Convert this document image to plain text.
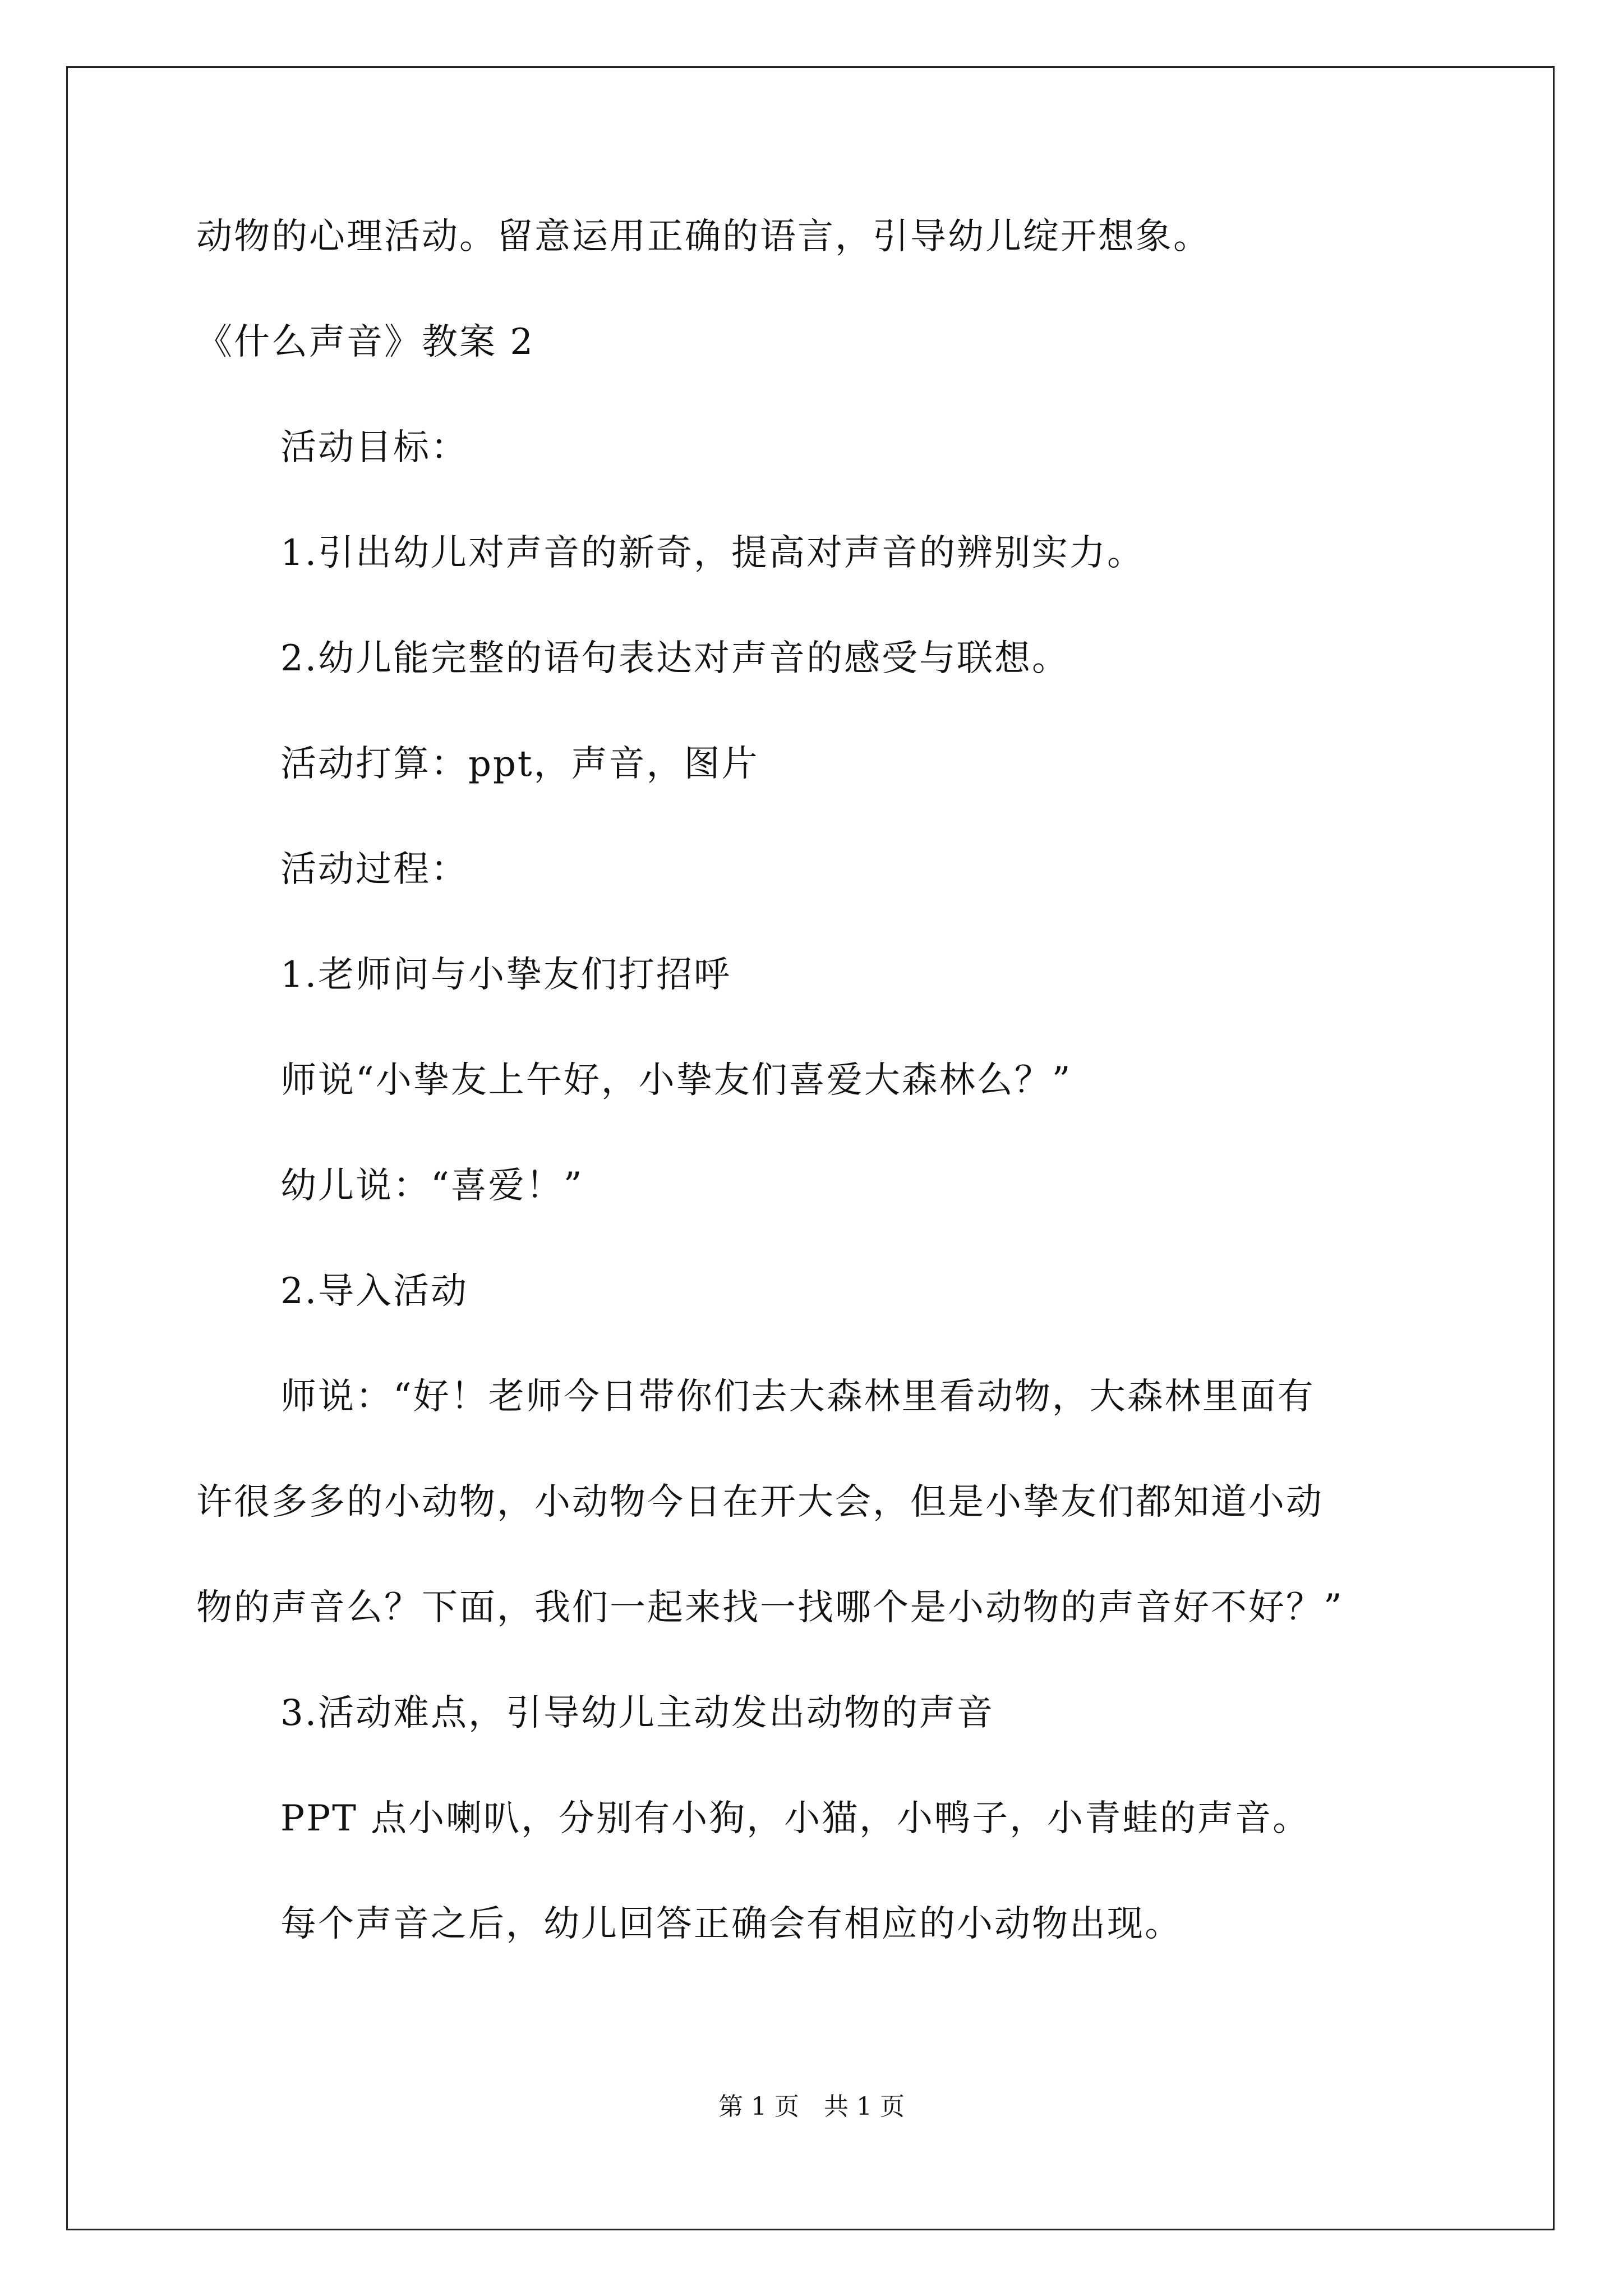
动物的心理活动。留意运用正确的语言，引导幼儿绽开想象。
《什么声音》教案 2
活动目标：
1.引出幼儿对声音的新奇，提高对声音的辨别实力。
2.幼儿能完整的语句表达对声音的感受与联想。
活动打算：ppt，声音，图片
活动过程：
1.老师问与小挚友们打招呼
师说“小挚友上午好，小挚友们喜爱大森林么？”
幼儿说：“喜爱！”
2.导入活动
师说：“好！老师今日带你们去大森林里看动物，大森林里面有
许很多多的小动物，小动物今日在开大会，但是小挚友们都知道小动
物的声音么？下面，我们一起来找一找哪个是小动物的声音好不好？”
3.活动难点，引导幼儿主动发出动物的声音
PPT 点小喇叭，分别有小狗，小猫，小鸭子，小青蛙的声音。
每个声音之后，幼儿回答正确会有相应的小动物出现。
第 1 页　共 1 页
